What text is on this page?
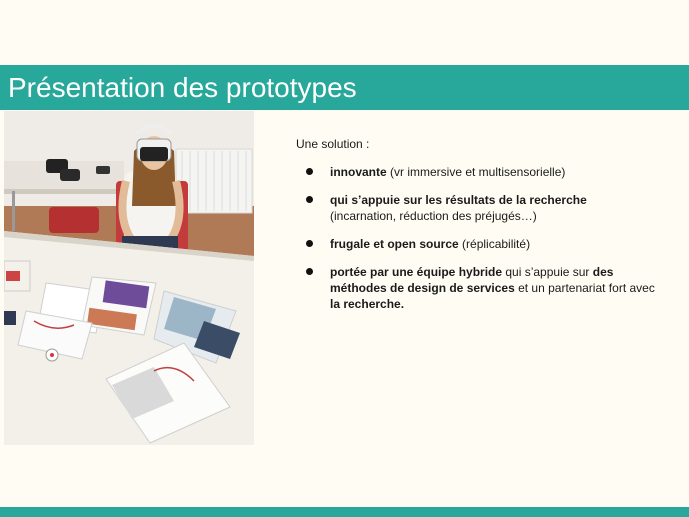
Présentation des prototypes

Une solution :

innovante (vr immersive et multisensorielle)
qui s’appuie sur les résultats de la recherche (incarnation, réduction des préjugés…)
frugale et open source (réplicabilité)
portée par une équipe hybride qui s’appuie sur des méthodes de design de services et un partenariat fort avec la recherche.
